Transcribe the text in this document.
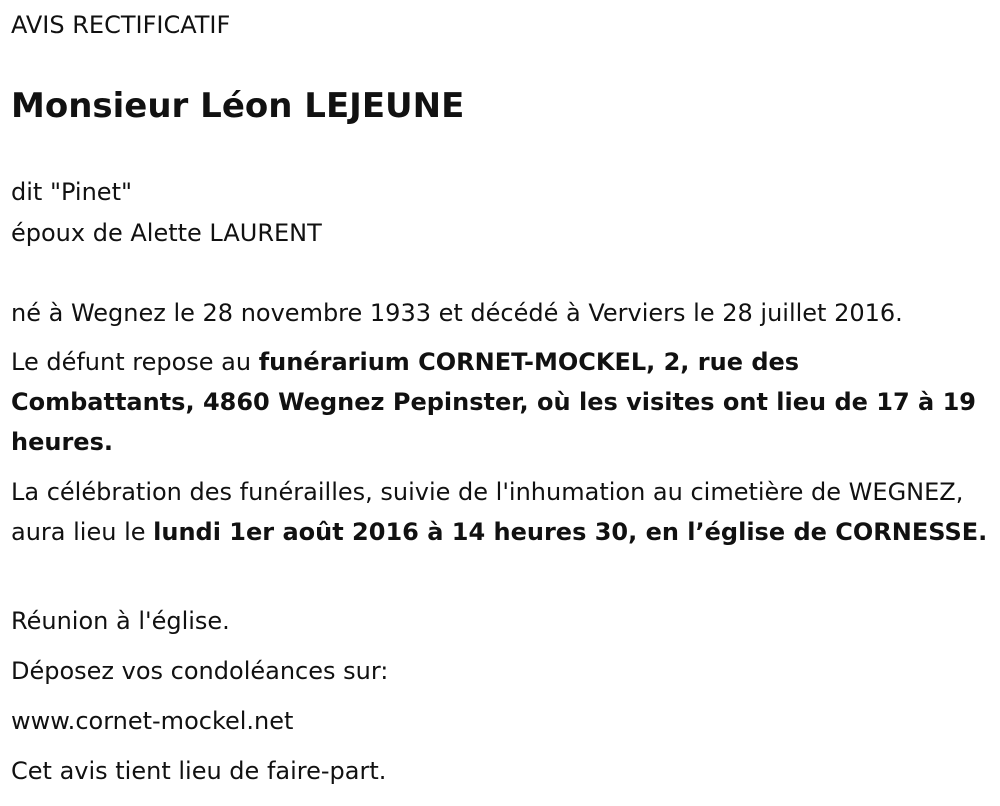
AVIS RECTIFICATIF

Monsieur Léon LEJEUNE

dit "Pinet"

époux de Alette LAURENT

né à Wegnez le 28 novembre 1933 et décédé à Verviers le 28 juillet 2016.

Le défunt repose au funérarium CORNET-MOCKEL, 2, rue des Combattants, 4860 Wegnez Pepinster, où les visites ont lieu de 17 à 19 heures.

La célébration des funérailles, suivie de l'inhumation au cimetière de WEGNEZ, aura lieu le lundi 1er août 2016 à 14 heures 30, en l’église de CORNESSE.

Réunion à l'église.

Déposez vos condoléances sur:

www.cornet-mockel.net

Cet avis tient lieu de faire-part.
